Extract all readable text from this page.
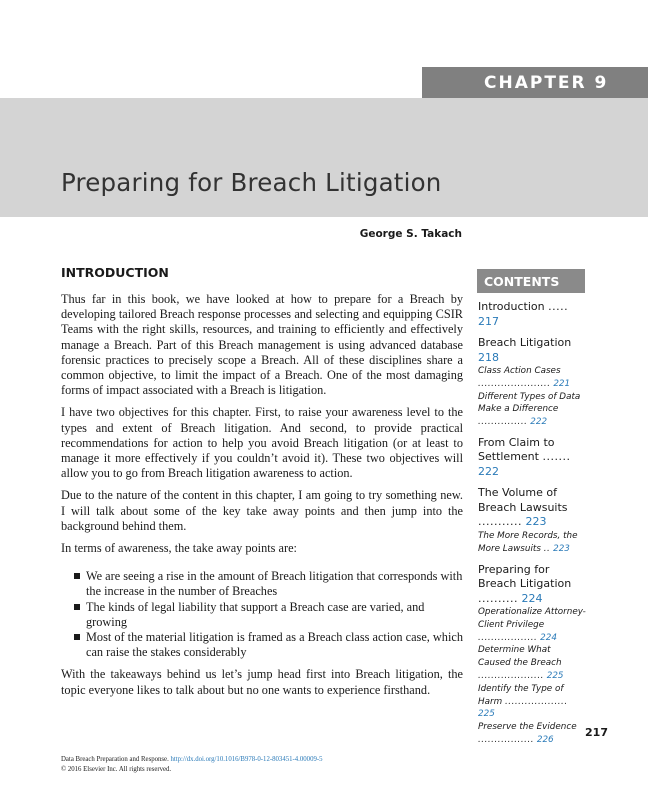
CHAPTER 9
Preparing for Breach Litigation
George S. Takach
INTRODUCTION

Thus far in this book, we have looked at how to prepare for a Breach by developing tailored Breach response processes and selecting and equipping CSIR Teams with the right skills, resources, and training to efficiently and effectively manage a Breach. Part of this Breach management is using advanced database forensic practices to precisely scope a Breach. All of these disciplines share a common objective, to limit the impact of a Breach. One of the most damaging forms of impact associated with a Breach is litigation.

I have two objectives for this chapter. First, to raise your awareness level to the types and extent of Breach litigation. And second, to provide practical recommendations for action to help you avoid Breach litigation (or at least to manage it more effectively if you couldn’t avoid it). These two objectives will allow you to go from Breach litigation awareness to action.

Due to the nature of the content in this chapter, I am going to try something new. I will talk about some of the key take away points and then jump into the background behind them.

In terms of awareness, the take away points are:

We are seeing a rise in the amount of Breach litigation that corresponds with the increase in the number of Breaches
The kinds of legal liability that support a Breach case are varied, and growing
Most of the material litigation is framed as a Breach class action case, which can raise the stakes considerably

With the takeaways behind us let’s jump head first into Breach litigation, the topic everyone likes to talk about but no one wants to experience firsthand.

CONTENTS
Introduction ..... 217
Breach Litigation
218
Class Action Cases ...................... 221
Different Types of Data Make a Difference ............... 222
From Claim to Settlement ....... 222
The Volume of Breach Lawsuits ........... 223
The More Records, the More Lawsuits .. 223
Preparing for Breach Litigation .......... 224
Operationalize Attorney-Client Privilege .................. 224
Determine What Caused the Breach .................... 225
Identify the Type of Harm ................... 225
Preserve the Evidence ................. 226
217
Data Breach Preparation and Response. http://dx.doi.org/10.1016/B978-0-12-803451-4.00009-5
© 2016 Elsevier Inc. All rights reserved.
